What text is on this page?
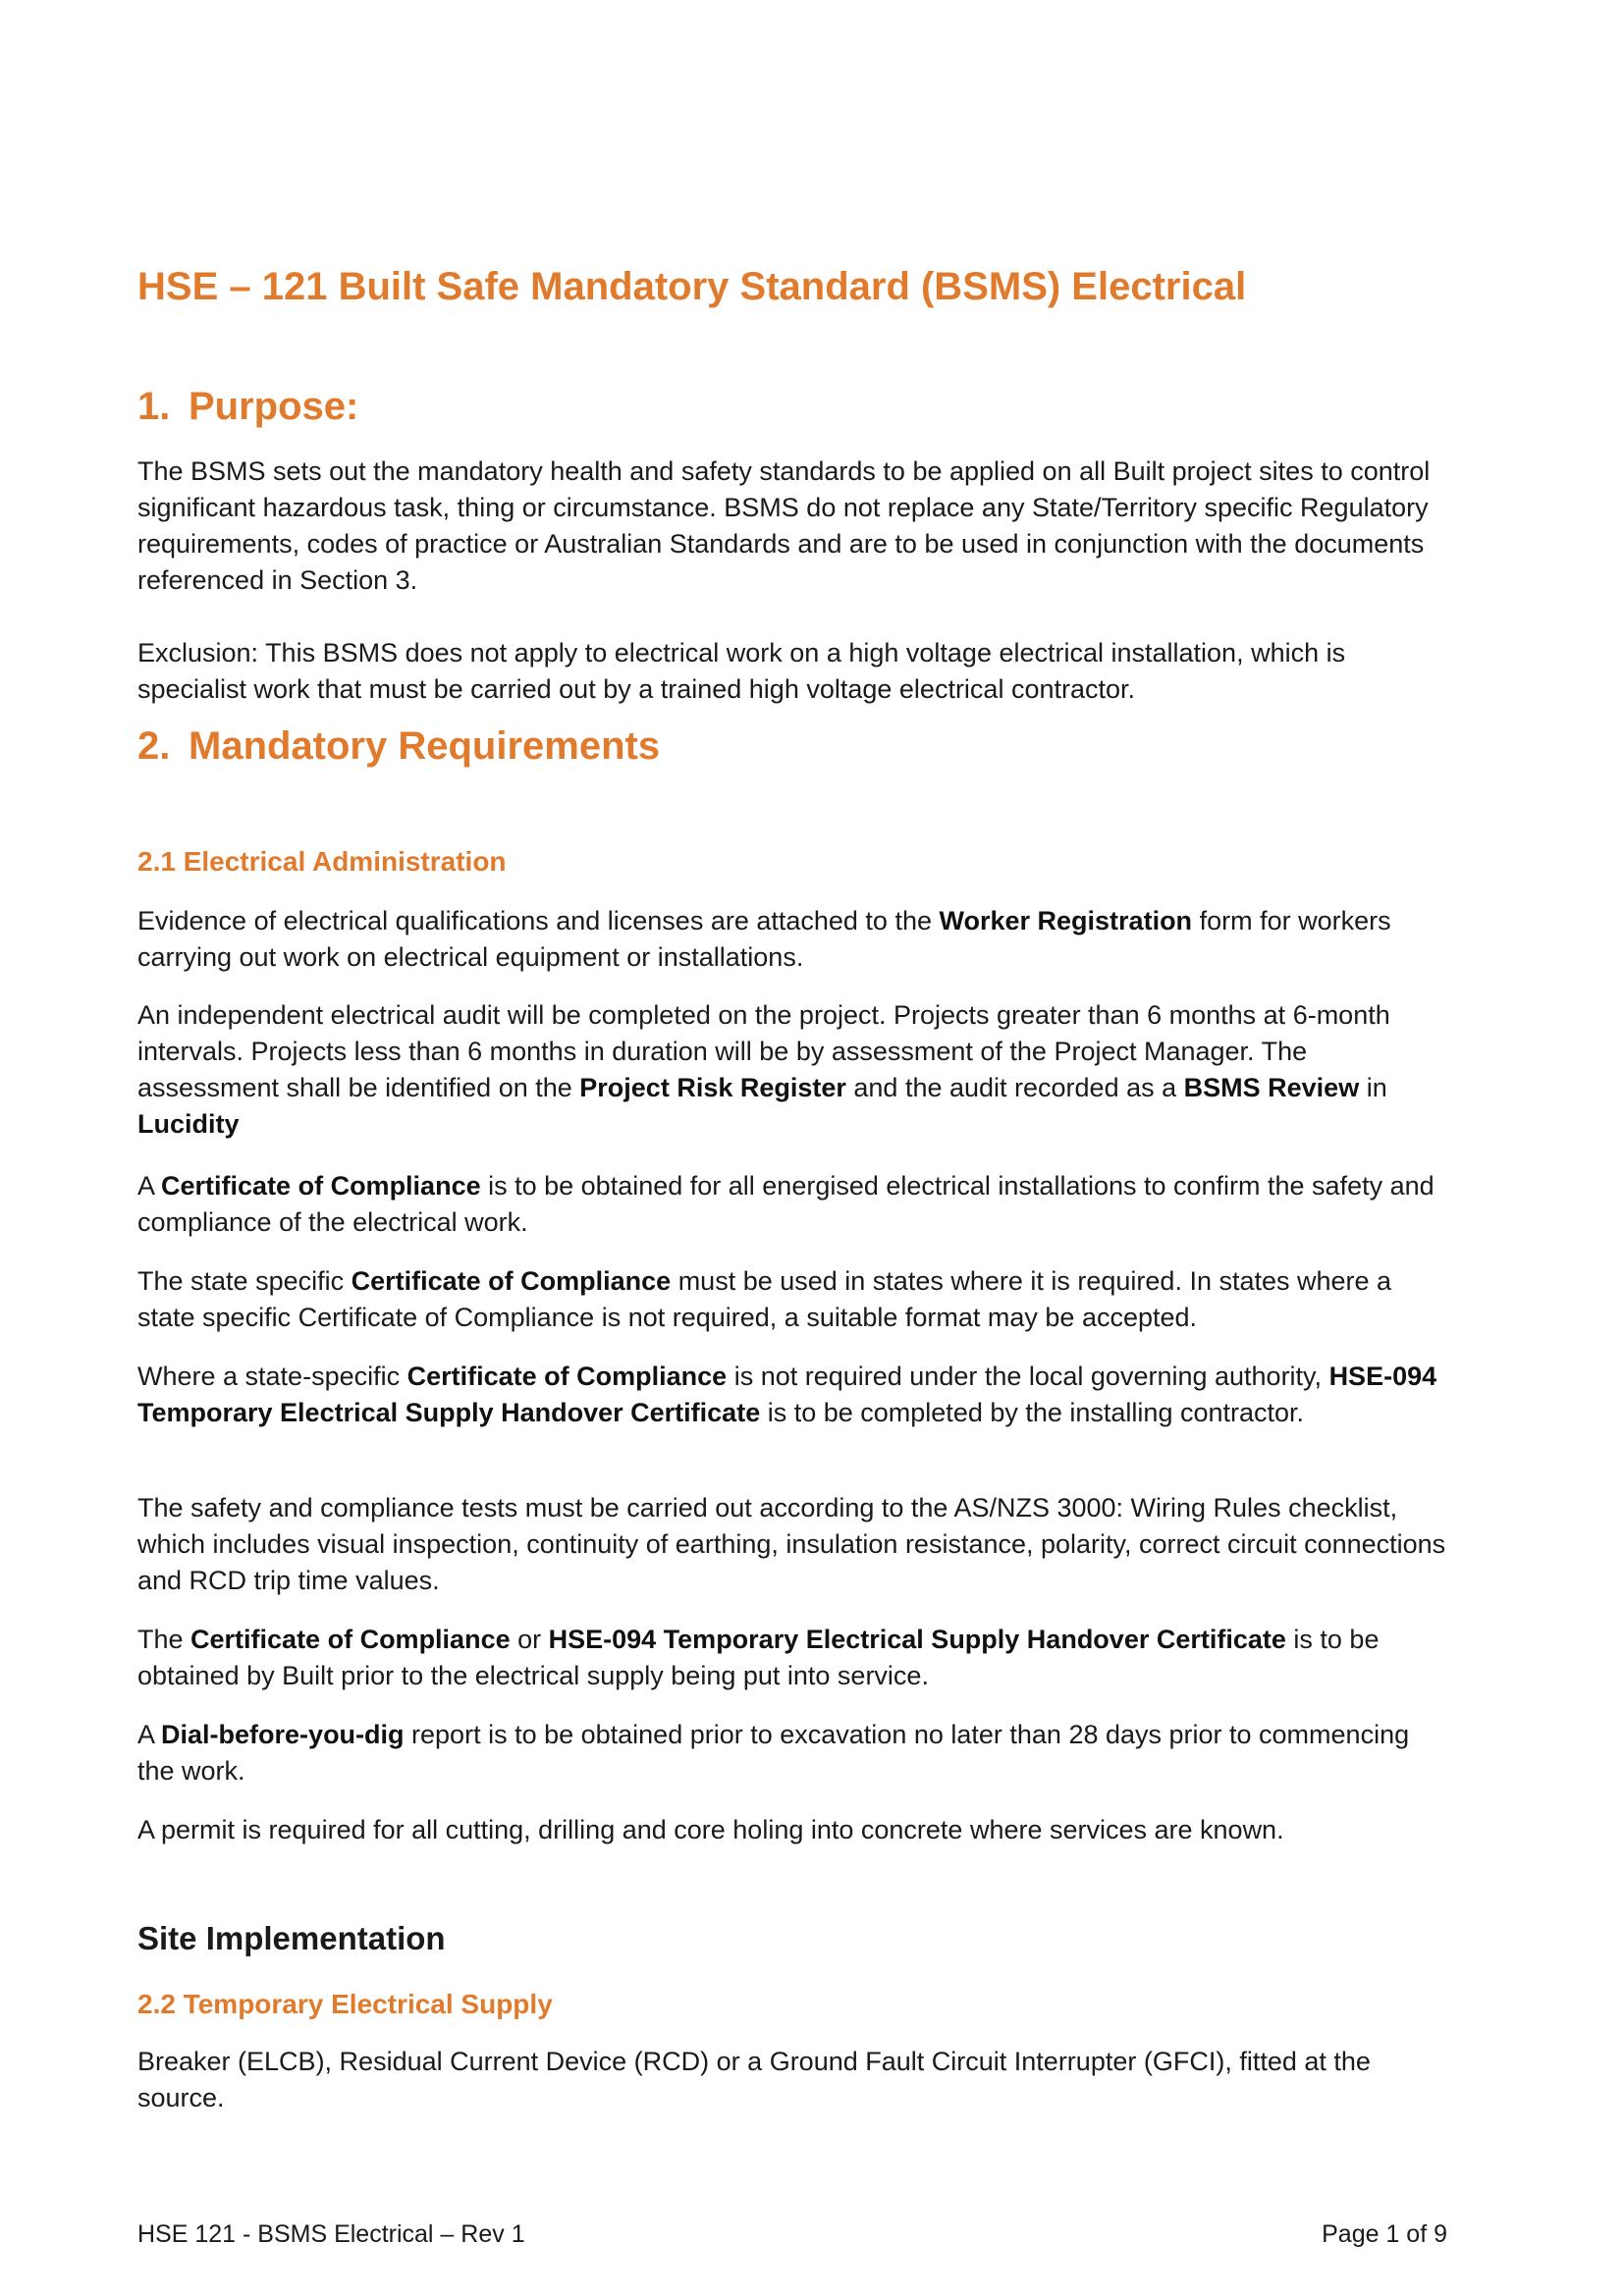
HSE – 121 Built Safe Mandatory Standard (BSMS) Electrical
1. Purpose:

The BSMS sets out the mandatory health and safety standards to be applied on all Built project sites to control significant hazardous task, thing or circumstance. BSMS do not replace any State/Territory specific Regulatory requirements, codes of practice or Australian Standards and are to be used in conjunction with the documents referenced in Section 3.

Exclusion: This BSMS does not apply to electrical work on a high voltage electrical installation, which is specialist work that must be carried out by a trained high voltage electrical contractor.

2. Mandatory Requirements
2.1 Electrical Administration

Evidence of electrical qualifications and licenses are attached to the Worker Registration form for workers carrying out work on electrical equipment or installations.

An independent electrical audit will be completed on the project. Projects greater than 6 months at 6-month intervals. Projects less than 6 months in duration will be by assessment of the Project Manager. The assessment shall be identified on the Project Risk Register and the audit recorded as a BSMS Review in Lucidity

A Certificate of Compliance is to be obtained for all energised electrical installations to confirm the safety and compliance of the electrical work.

The state specific Certificate of Compliance must be used in states where it is required. In states where a state specific Certificate of Compliance is not required, a suitable format may be accepted.

Where a state-specific Certificate of Compliance is not required under the local governing authority, HSE-094 Temporary Electrical Supply Handover Certificate is to be completed by the installing contractor.

The safety and compliance tests must be carried out according to the AS/NZS 3000: Wiring Rules checklist, which includes visual inspection, continuity of earthing, insulation resistance, polarity, correct circuit connections and RCD trip time values.

The Certificate of Compliance or HSE-094 Temporary Electrical Supply Handover Certificate is to be obtained by Built prior to the electrical supply being put into service.

A Dial-before-you-dig report is to be obtained prior to excavation no later than 28 days prior to commencing the work.

A permit is required for all cutting, drilling and core holing into concrete where services are known.

Site Implementation
2.2 Temporary Electrical Supply

Breaker (ELCB), Residual Current Device (RCD) or a Ground Fault Circuit Interrupter (GFCI), fitted at the source.

HSE 121 - BSMS Electrical – Rev 1	Page 1 of 9
